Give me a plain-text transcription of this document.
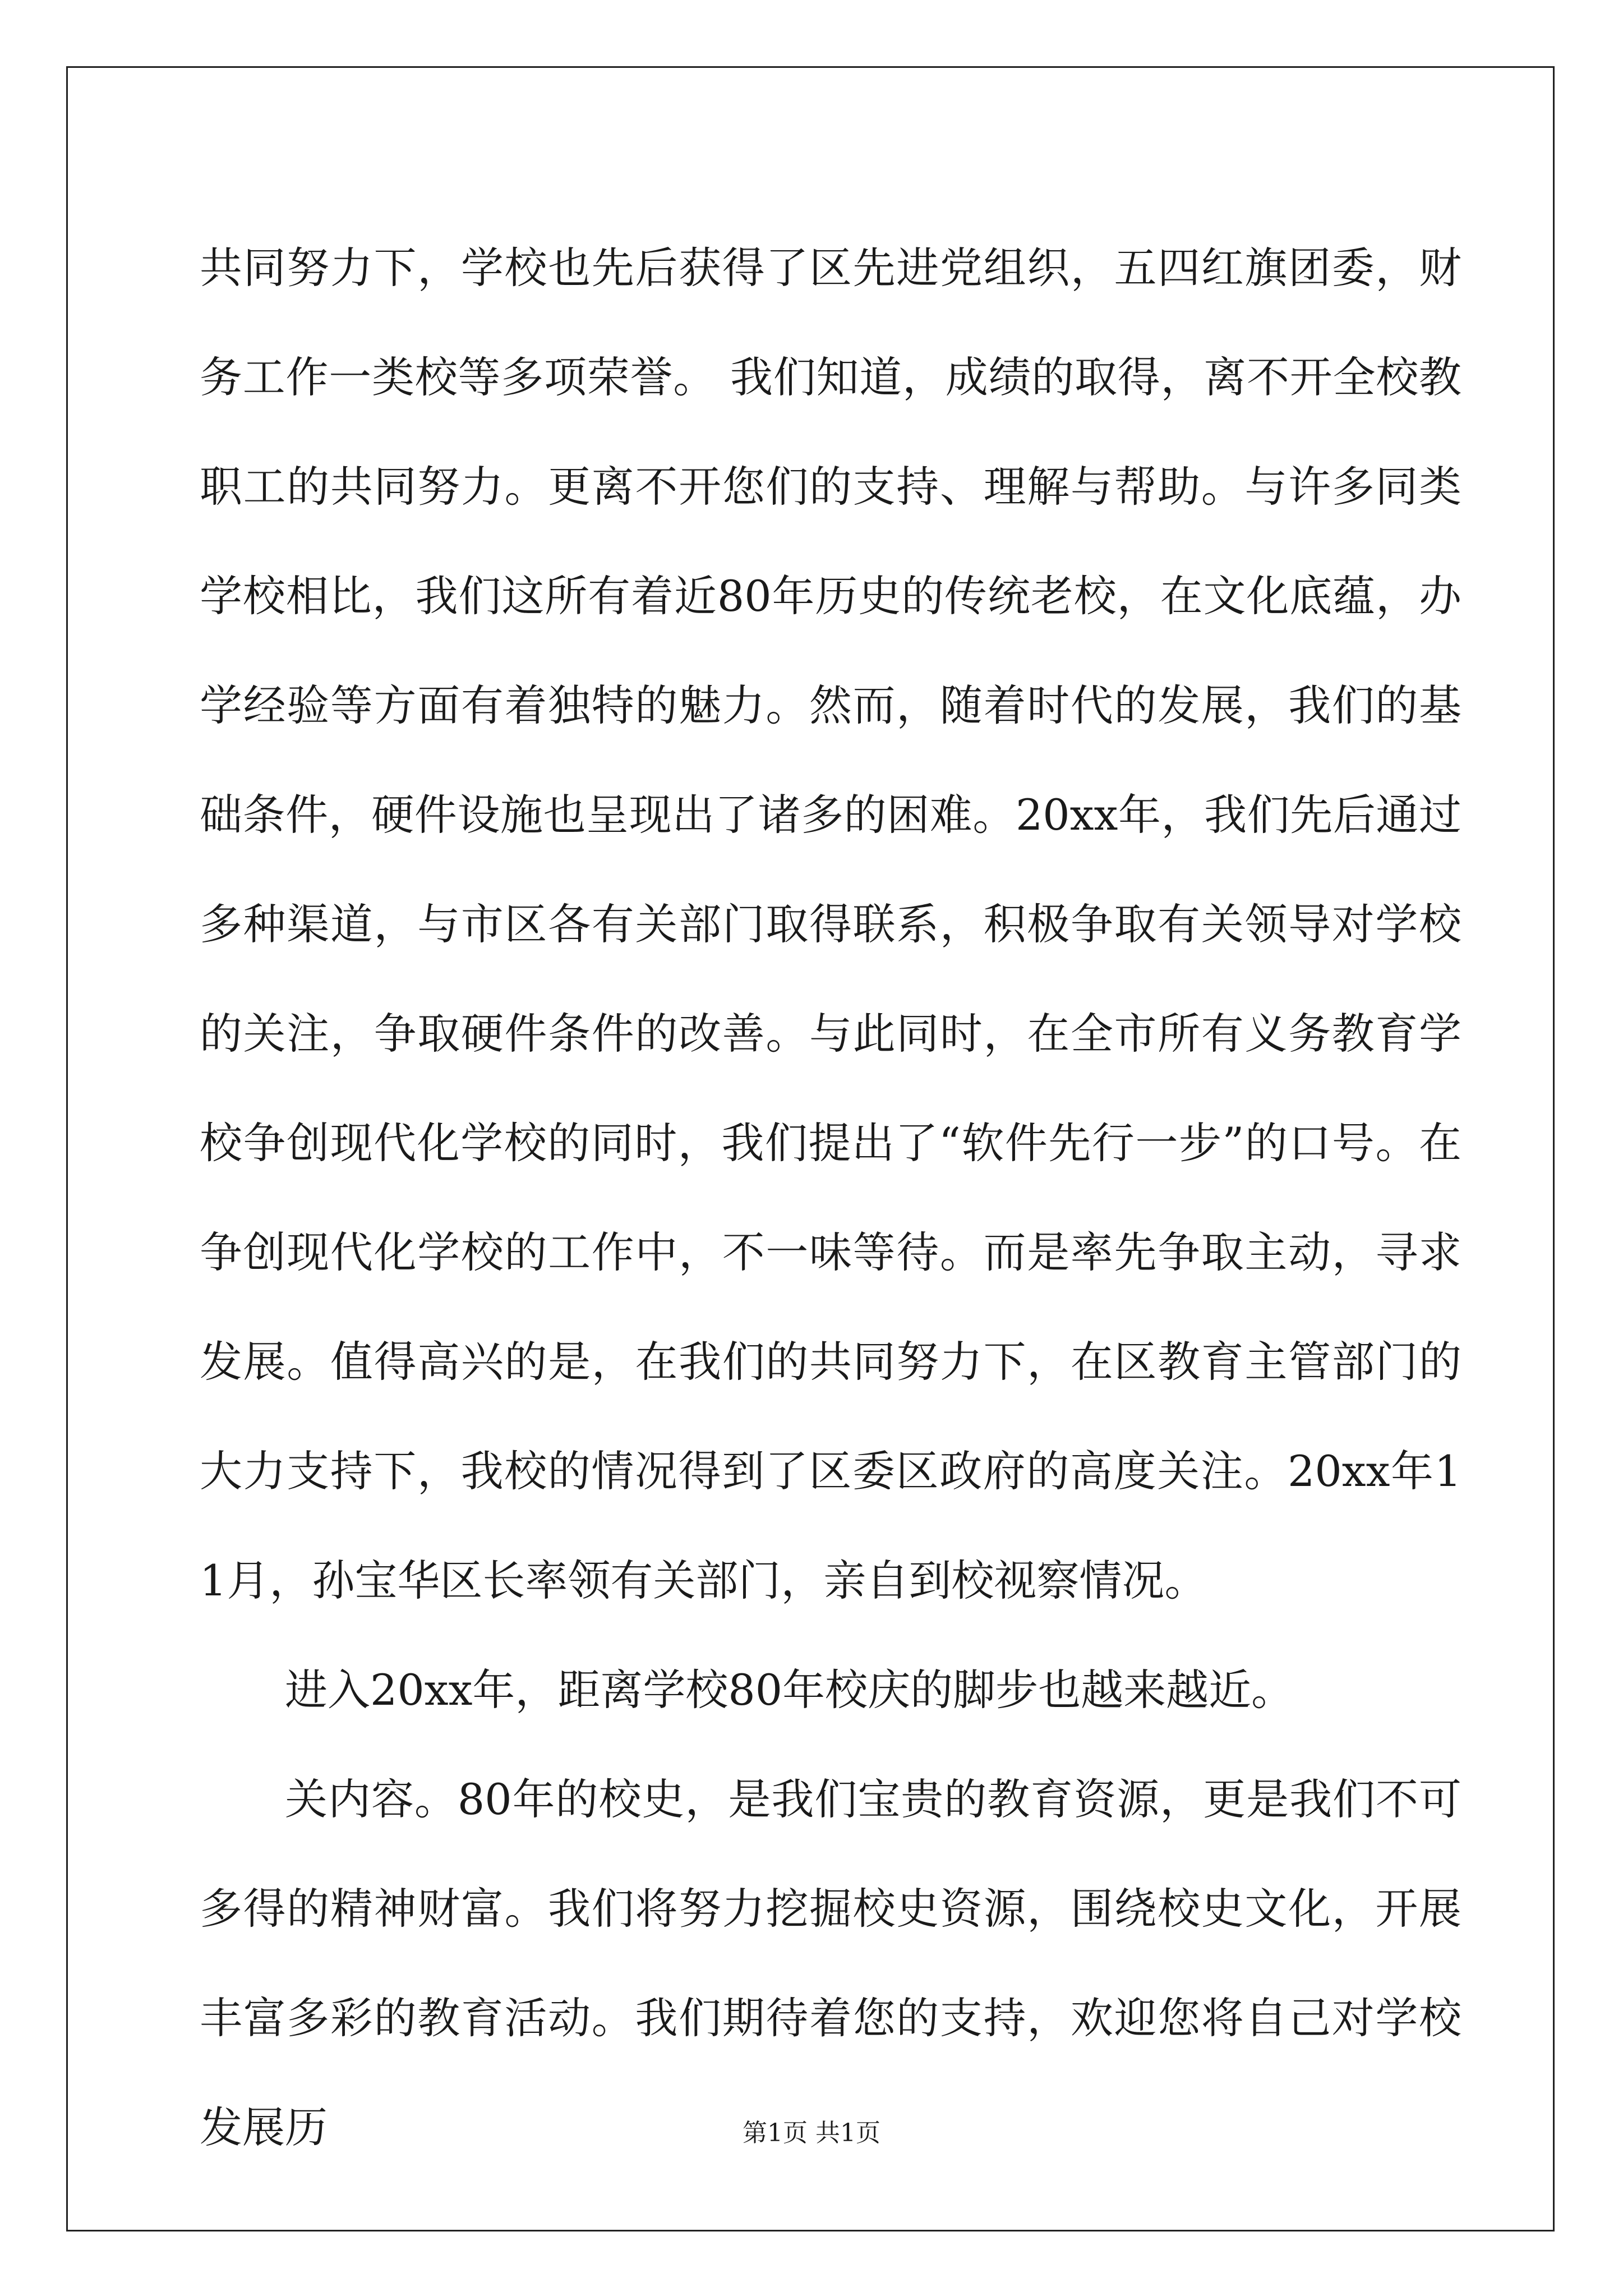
共同努力下，学校也先后获得了区先进党组织，五四红旗团委，财务工作一类校等多项荣誉。 我们知道，成绩的取得，离不开全校教职工的共同努力。更离不开您们的支持、理解与帮助。与许多同类学校相比，我们这所有着近80年历史的传统老校，在文化底蕴，办学经验等方面有着独特的魅力。然而，随着时代的发展，我们的基础条件，硬件设施也呈现出了诸多的困难。20xx年，我们先后通过多种渠道，与市区各有关部门取得联系，积极争取有关领导对学校的关注，争取硬件条件的改善。与此同时，在全市所有义务教育学校争创现代化学校的同时，我们提出了“软件先行一步”的口号。在争创现代化学校的工作中，不一味等待。而是率先争取主动，寻求发展。值得高兴的是，在我们的共同努力下，在区教育主管部门的大力支持下，我校的情况得到了区委区政府的高度关注。20xx年11月，孙宝华区长率领有关部门，亲自到校视察情况。

进入20xx年，距离学校80年校庆的脚步也越来越近。

关内容。80年的校史，是我们宝贵的教育资源，更是我们不可多得的精神财富。我们将努力挖掘校史资源，围绕校史文化，开展丰富多彩的教育活动。我们期待着您的支持，欢迎您将自己对学校发展历	第1页 共1页
